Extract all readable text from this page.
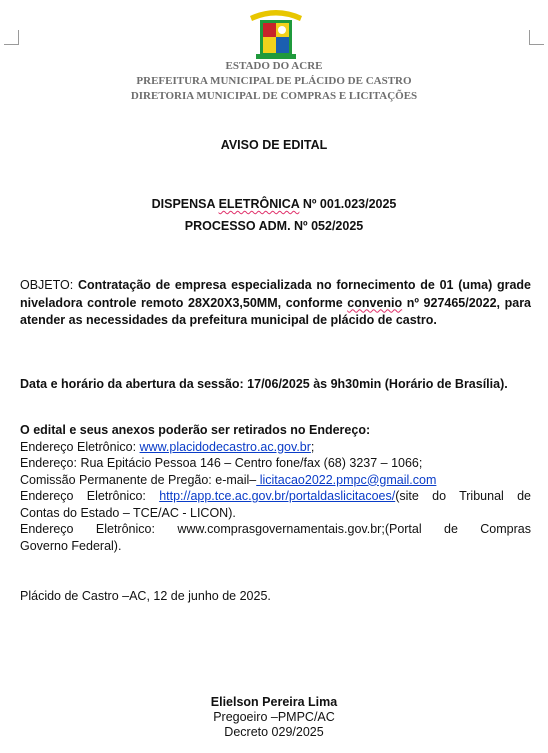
ESTADO DO ACRE
PREFEITURA MUNICIPAL DE PLÁCIDO DE CASTRO
DIRETORIA MUNICIPAL DE COMPRAS E LICITAÇÕES
AVISO DE EDITAL
DISPENSA ELETRÔNICA Nº 001.023/2025
PROCESSO ADM. Nº 052/2025
OBJETO: Contratação de empresa especializada no fornecimento de 01 (uma) grade niveladora controle remoto 28X20X3,50MM, conforme convenio nº 927465/2022, para atender as necessidades da prefeitura municipal de plácido de castro.
Data e horário da abertura da sessão: 17/06/2025 às 9h30min (Horário de Brasília).
O edital e seus anexos poderão ser retirados no Endereço:
Endereço Eletrônico: www.placidodecastro.ac.gov.br;
Endereço: Rua Epitácio Pessoa 146 – Centro fone/fax (68) 3237 – 1066;
Comissão Permanente de Pregão: e-mail– licitacao2022.pmpc@gmail.com
Endereço Eletrônico: http://app.tce.ac.gov.br/portaldaslicitacoes/(site do Tribunal de
Contas do Estado – TCE/AC - LICON).
Endereço Eletrônico: www.comprasgovernamentais.gov.br;(Portal de Compras
Governo Federal).
Plácido de Castro –AC, 12 de junho de 2025.
Elielson Pereira Lima
Pregoeiro –PMPC/AC
Decreto 029/2025
